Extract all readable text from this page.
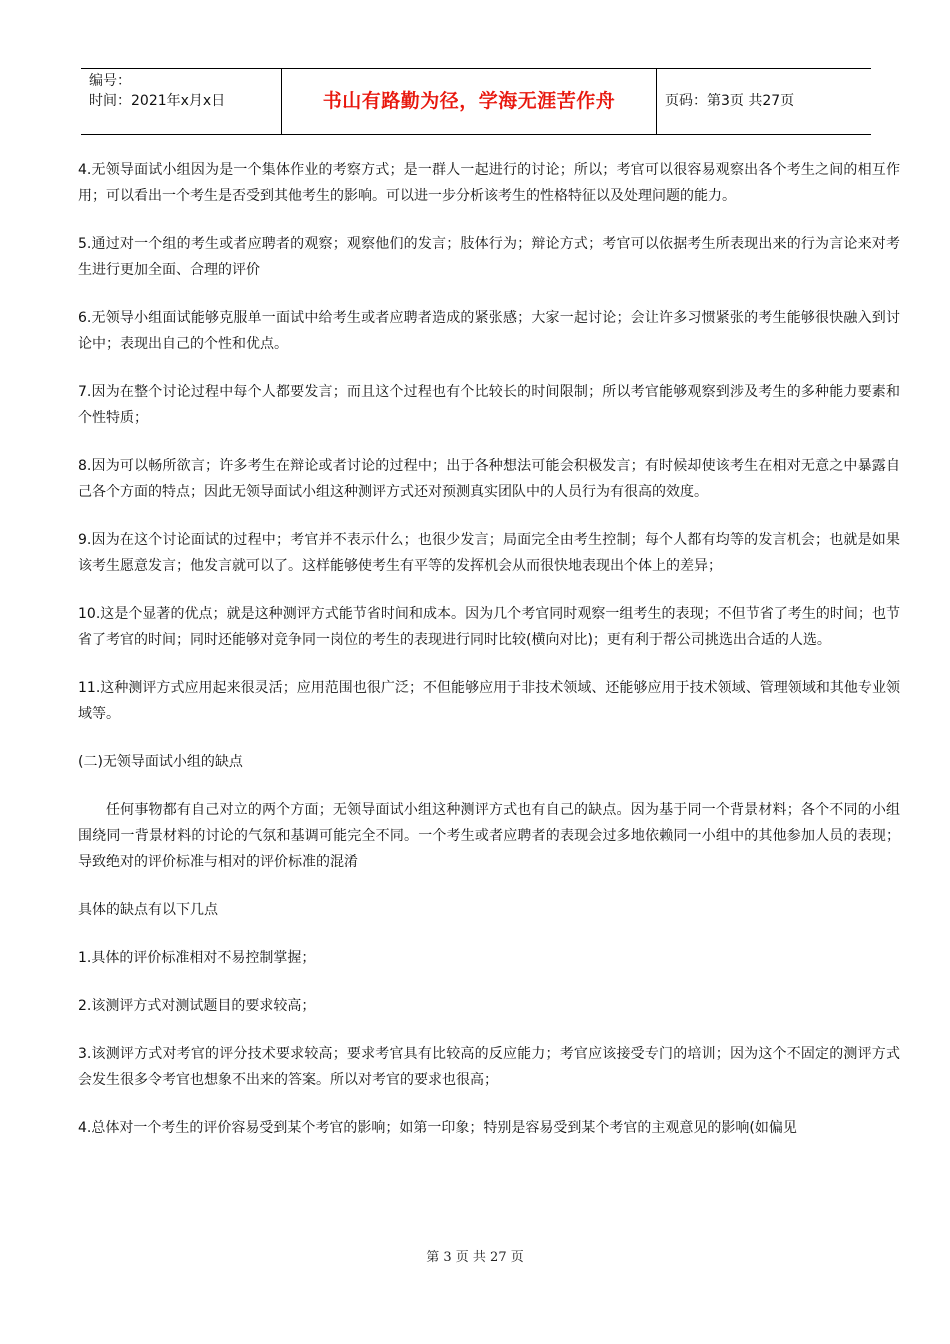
编号：
时间：2021年x月x日	书山有路勤为径，学海无涯苦作舟	页码：第3页 共27页

4.无领导面试小组因为是一个集体作业的考察方式；是一群人一起进行的讨论；所以；考官可以很容易观察出各个考生之间的相互作用；可以看出一个考生是否受到其他考生的影响。可以进一步分析该考生的性格特征以及处理问题的能力。

5.通过对一个组的考生或者应聘者的观察；观察他们的发言；肢体行为；辩论方式；考官可以依据考生所表现出来的行为言论来对考生进行更加全面、合理的评价

6.无领导小组面试能够克服单一面试中给考生或者应聘者造成的紧张感；大家一起讨论；会让许多习惯紧张的考生能够很快融入到讨论中；表现出自己的个性和优点。

7.因为在整个讨论过程中每个人都要发言；而且这个过程也有个比较长的时间限制；所以考官能够观察到涉及考生的多种能力要素和个性特质；

8.因为可以畅所欲言；许多考生在辩论或者讨论的过程中；出于各种想法可能会积极发言；有时候却使该考生在相对无意之中暴露自己各个方面的特点；因此无领导面试小组这种测评方式还对预测真实团队中的人员行为有很高的效度。

9.因为在这个讨论面试的过程中；考官并不表示什么；也很少发言；局面完全由考生控制；每个人都有均等的发言机会；也就是如果该考生愿意发言；他发言就可以了。这样能够使考生有平等的发挥机会从而很快地表现出个体上的差异；

10.这是个显著的优点；就是这种测评方式能节省时间和成本。因为几个考官同时观察一组考生的表现；不但节省了考生的时间；也节省了考官的时间；同时还能够对竞争同一岗位的考生的表现进行同时比较(横向对比)；更有利于帮公司挑选出合适的人选。

11.这种测评方式应用起来很灵活；应用范围也很广泛；不但能够应用于非技术领域、还能够应用于技术领域、管理领域和其他专业领域等。

(二)无领导面试小组的缺点

任何事物都有自己对立的两个方面；无领导面试小组这种测评方式也有自己的缺点。因为基于同一个背景材料；各个不同的小组围绕同一背景材料的讨论的气氛和基调可能完全不同。一个考生或者应聘者的表现会过多地依赖同一小组中的其他参加人员的表现；导致绝对的评价标准与相对的评价标准的混淆

具体的缺点有以下几点

1.具体的评价标准相对不易控制掌握；

2.该测评方式对测试题目的要求较高；

3.该测评方式对考官的评分技术要求较高；要求考官具有比较高的反应能力；考官应该接受专门的培训；因为这个不固定的测评方式会发生很多令考官也想象不出来的答案。所以对考官的要求也很高；

4.总体对一个考生的评价容易受到某个考官的影响；如第一印象；特别是容易受到某个考官的主观意见的影响(如偏见

第 3 页 共 27 页
